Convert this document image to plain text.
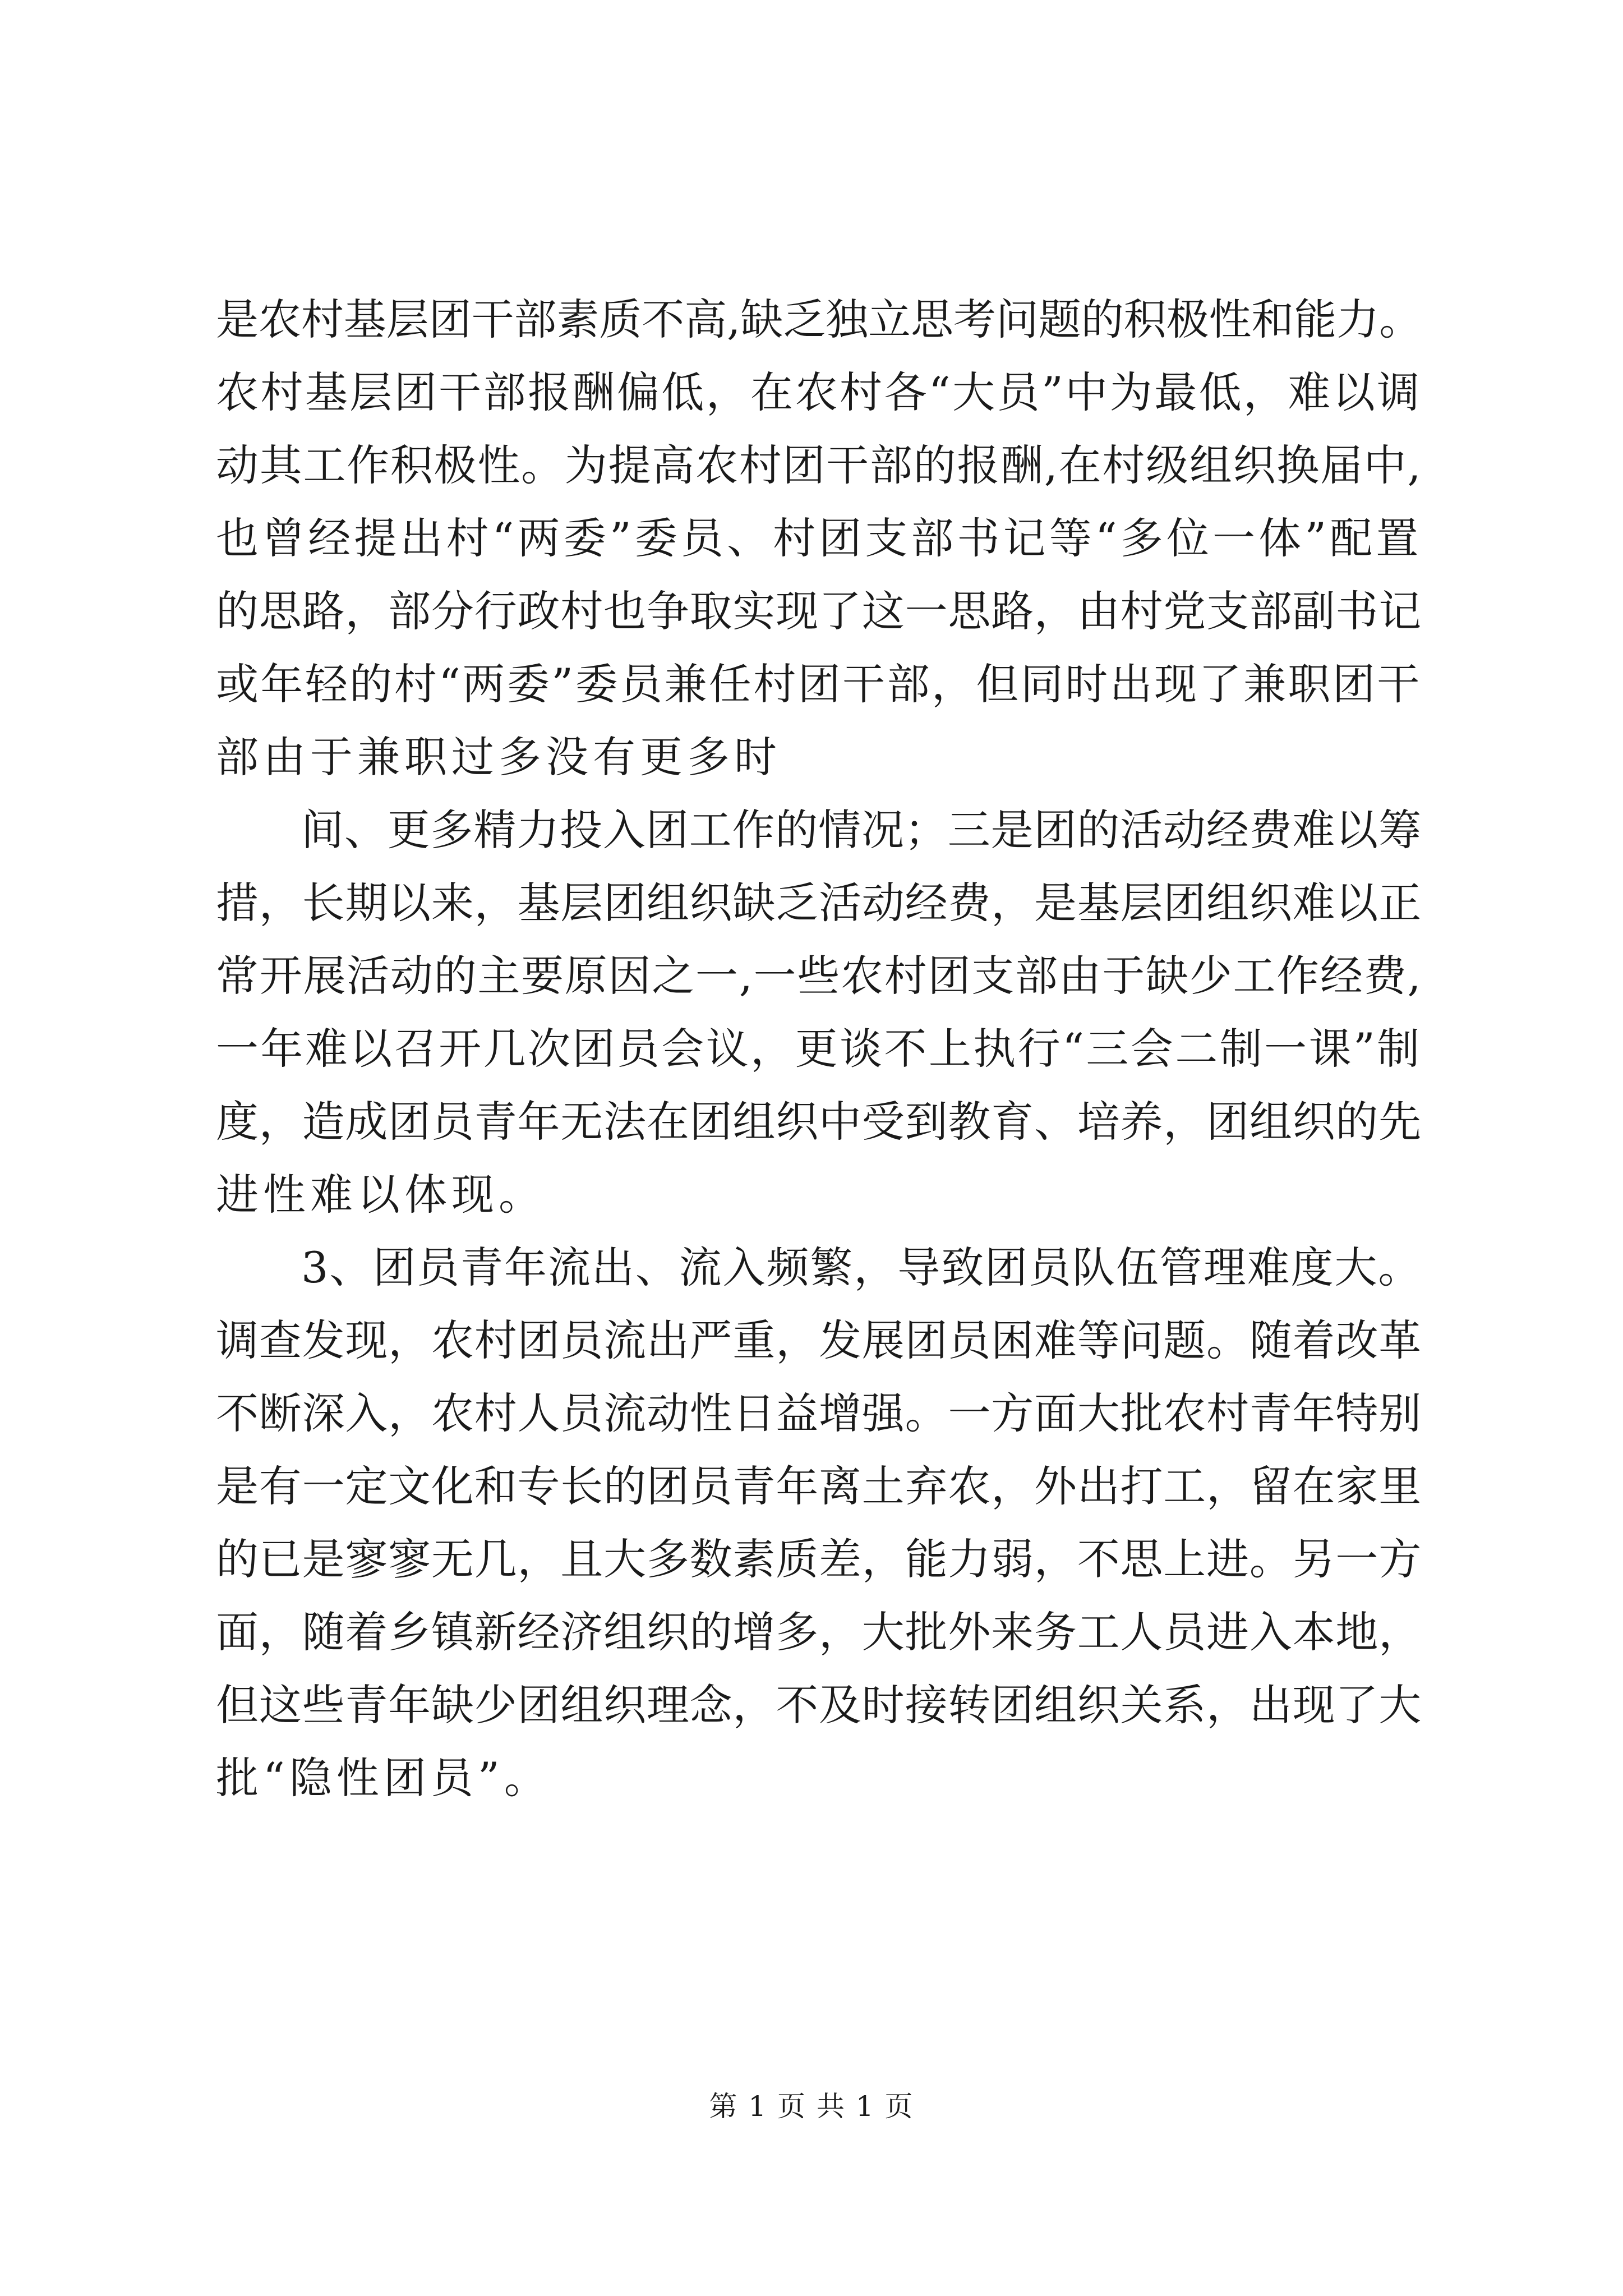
是农村基层团干部素质不高,缺乏独立思考问题的积极性和能力。
农村基层团干部报酬偏低，在农村各“大员”中为最低，难以调
动其工作积极性。为提高农村团干部的报酬,在村级组织换届中,
也曾经提出村“两委”委员、村团支部书记等“多位一体”配置
的思路，部分行政村也争取实现了这一思路，由村党支部副书记
或年轻的村“两委”委员兼任村团干部，但同时出现了兼职团干
部由于兼职过多没有更多时
间、更多精力投入团工作的情况；三是团的活动经费难以筹
措，长期以来，基层团组织缺乏活动经费，是基层团组织难以正
常开展活动的主要原因之一,一些农村团支部由于缺少工作经费,
一年难以召开几次团员会议，更谈不上执行“三会二制一课”制
度，造成团员青年无法在团组织中受到教育、培养，团组织的先
进性难以体现。
3、团员青年流出、流入频繁，导致团员队伍管理难度大。
调查发现，农村团员流出严重，发展团员困难等问题。随着改革
不断深入，农村人员流动性日益增强。一方面大批农村青年特别
是有一定文化和专长的团员青年离土弃农，外出打工，留在家里
的已是寥寥无几，且大多数素质差，能力弱，不思上进。另一方
面，随着乡镇新经济组织的增多，大批外来务工人员进入本地，
但这些青年缺少团组织理念，不及时接转团组织关系，出现了大
批“隐性团员”。
第 1 页 共 1 页
